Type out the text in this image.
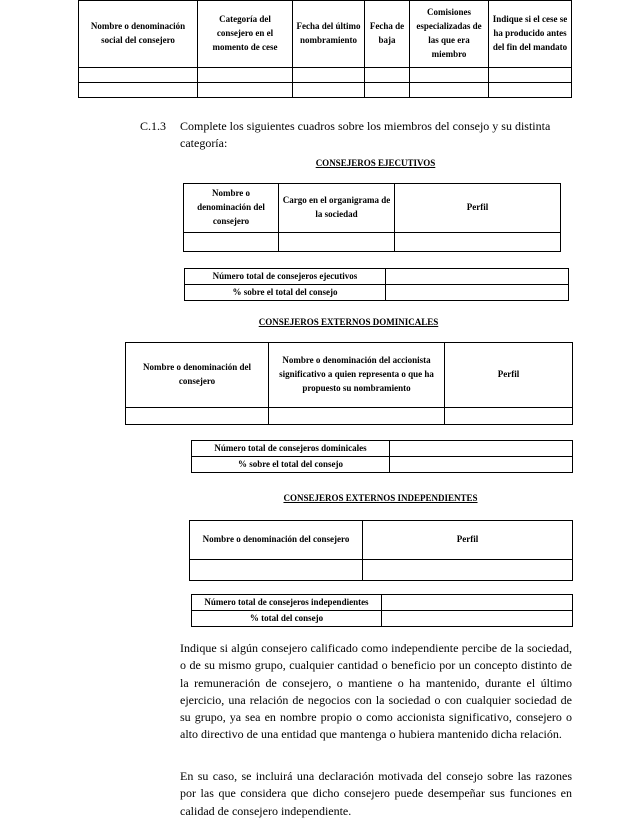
Nombre o denominación social del consejero	Categoría del consejero en el momento de cese	Fecha del último nombramiento	Fecha de baja	Comisiones especializadas de las que era miembro	Indique si el cese se ha producido antes del fin del mandato

C.1.3 Complete los siguientes cuadros sobre los miembros del consejo y su distinta categoría:
CONSEJEROS EJECUTIVOS
Nombre o denominación del consejero	Cargo en el organigrama de la sociedad	Perfil

Número total de consejeros ejecutivos	
% sobre el total del consejo	
CONSEJEROS EXTERNOS DOMINICALES
Nombre o denominación del consejero	Nombre o denominación del accionista significativo a quien representa o que ha propuesto su nombramiento	Perfil

Número total de consejeros dominicales	
% sobre el total del consejo	
CONSEJEROS EXTERNOS INDEPENDIENTES
Nombre o denominación del consejero	Perfil

Número total de consejeros independientes	
% total del consejo	
Indique si algún consejero calificado como independiente percibe de la sociedad, o de su mismo grupo, cualquier cantidad o beneficio por un concepto distinto de la remuneración de consejero, o mantiene o ha mantenido, durante el último ejercicio, una relación de negocios con la sociedad o con cualquier sociedad de su grupo, ya sea en nombre propio o como accionista significativo, consejero o alto directivo de una entidad que mantenga o hubiera mantenido dicha relación.
En su caso, se incluirá una declaración motivada del consejo sobre las razones por las que considera que dicho consejero puede desempeñar sus funciones en calidad de consejero independiente.
